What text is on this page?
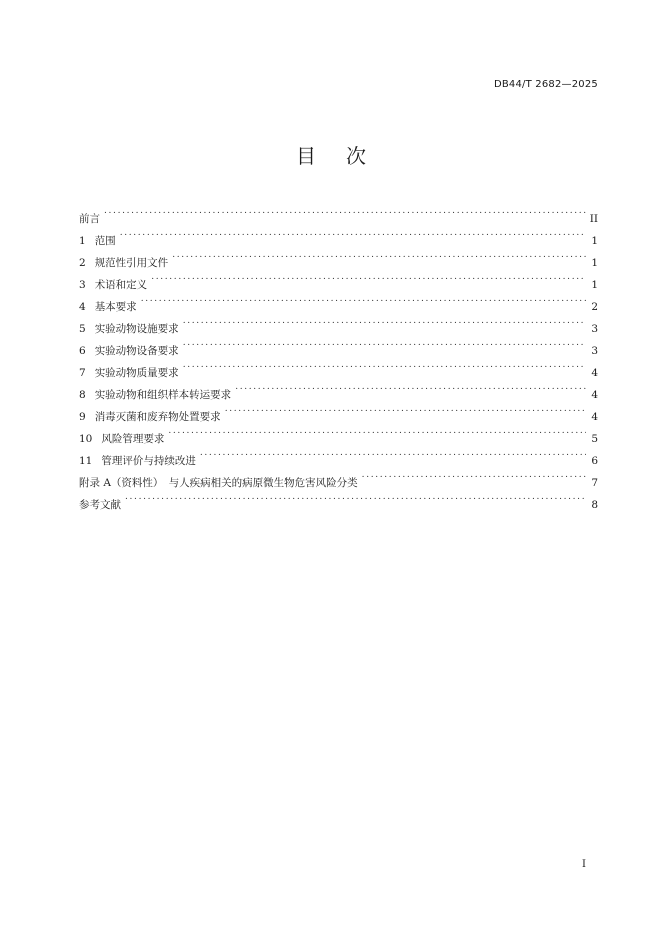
DB44/T 2682—2025
目次
前言 . . .	II
1 范围 . . .	1
2 规范性引用文件 . . .	1
3 术语和定义 . . .	1
4 基本要求 . . .	2
5 实验动物设施要求 . . .	3
6 实验动物设备要求 . . .	3
7 实验动物质量要求 . . .	4
8 实验动物和组织样本转运要求 . . .	4
9 消毒灭菌和废弃物处置要求 . . .	4
10 风险管理要求 . . .	5
11 管理评价与持续改进 . . .	6
附录 A（资料性）　与人疾病相关的病原微生物危害风险分类 . . .	7
参考文献 . . .	8
I
